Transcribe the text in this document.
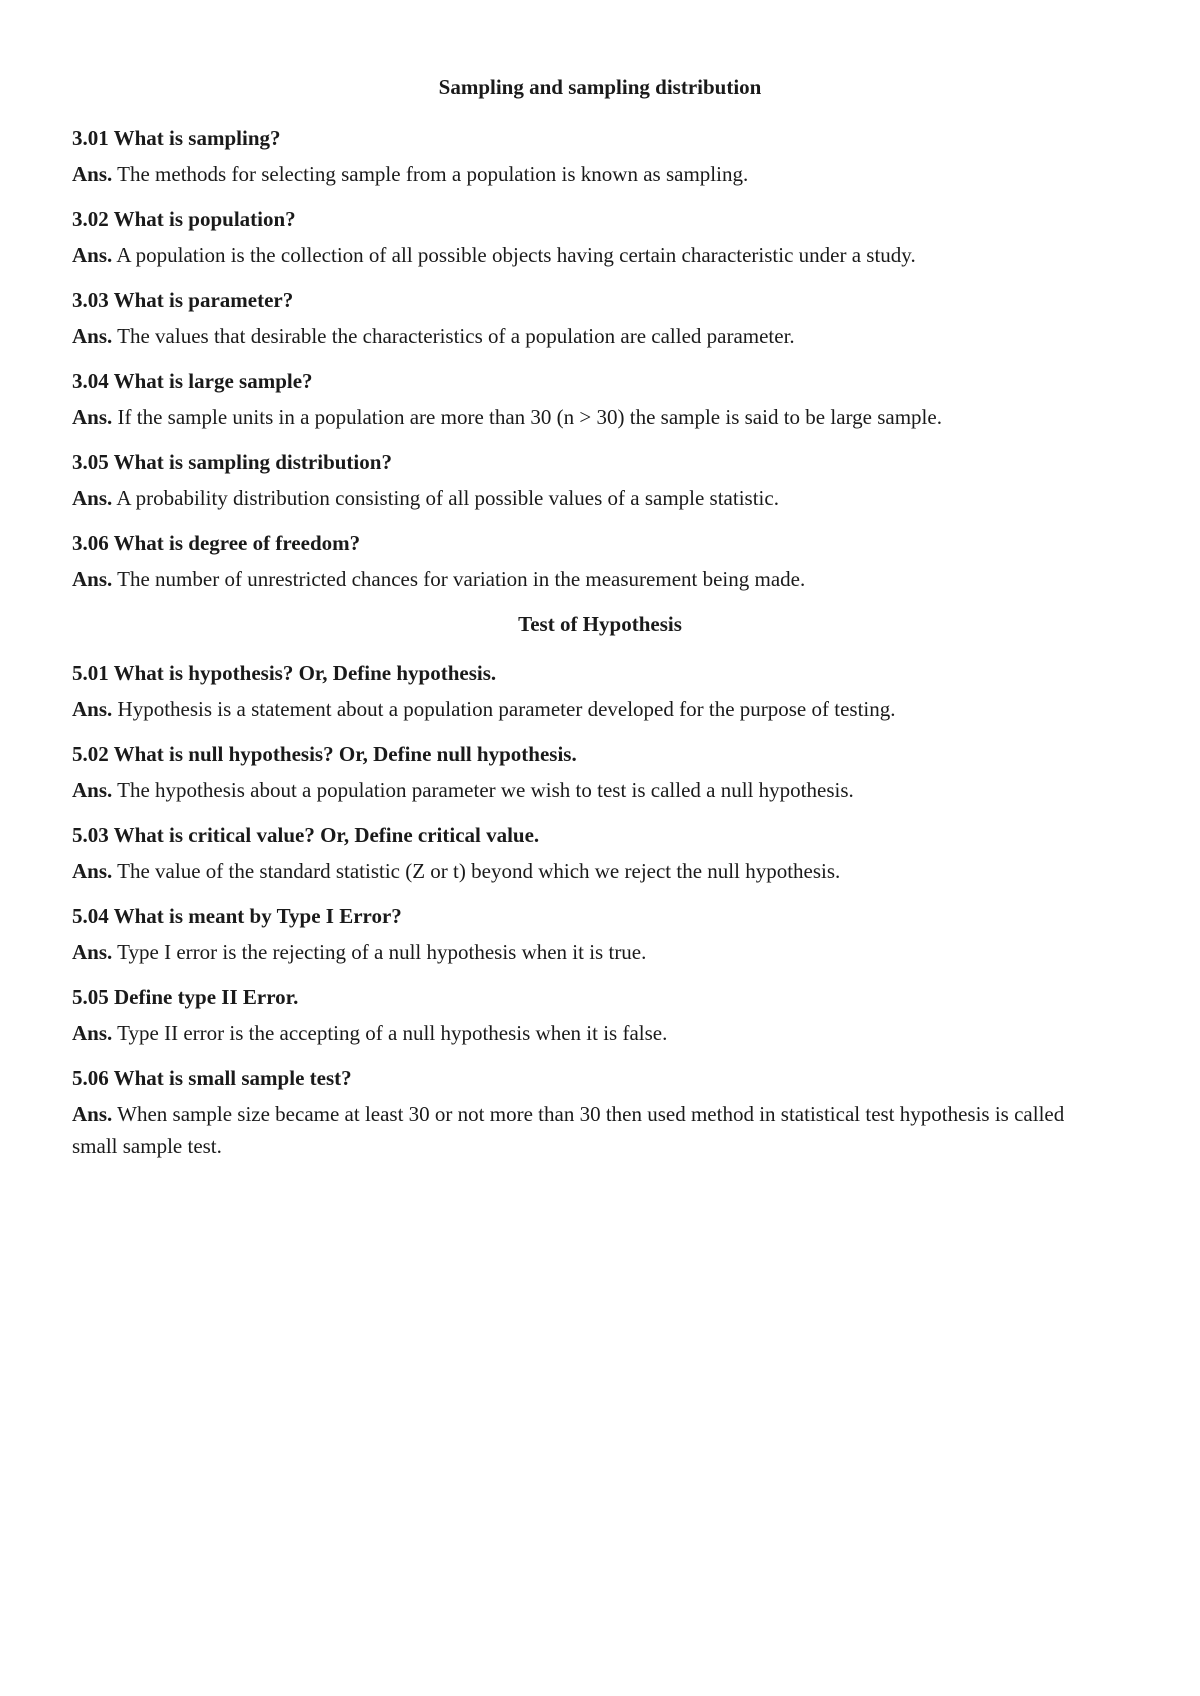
Sampling and sampling distribution
3.01 What is sampling?
Ans. The methods for selecting sample from a population is known as sampling.
3.02 What is population?
Ans. A population is the collection of all possible objects having certain characteristic under a study.
3.03 What is parameter?
Ans. The values that desirable the characteristics of a population are called parameter.
3.04 What is large sample?
Ans. If the sample units in a population are more than 30 (n > 30) the sample is said to be large sample.
3.05 What is sampling distribution?
Ans. A probability distribution consisting of all possible values of a sample statistic.
3.06 What is degree of freedom?
Ans. The number of unrestricted chances for variation in the measurement being made.
Test of Hypothesis
5.01 What is hypothesis? Or, Define hypothesis.
Ans. Hypothesis is a statement about a population parameter developed for the purpose of testing.
5.02 What is null hypothesis? Or, Define null hypothesis.
Ans. The hypothesis about a population parameter we wish to test is called a null hypothesis.
5.03 What is critical value? Or, Define critical value.
Ans. The value of the standard statistic (Z or t) beyond which we reject the null hypothesis.
5.04 What is meant by Type I Error?
Ans. Type I error is the rejecting of a null hypothesis when it is true.
5.05 Define type II Error.
Ans. Type II error is the accepting of a null hypothesis when it is false.
5.06 What is small sample test?
Ans. When sample size became at least 30 or not more than 30 then used method in statistical test hypothesis is called small sample test.
